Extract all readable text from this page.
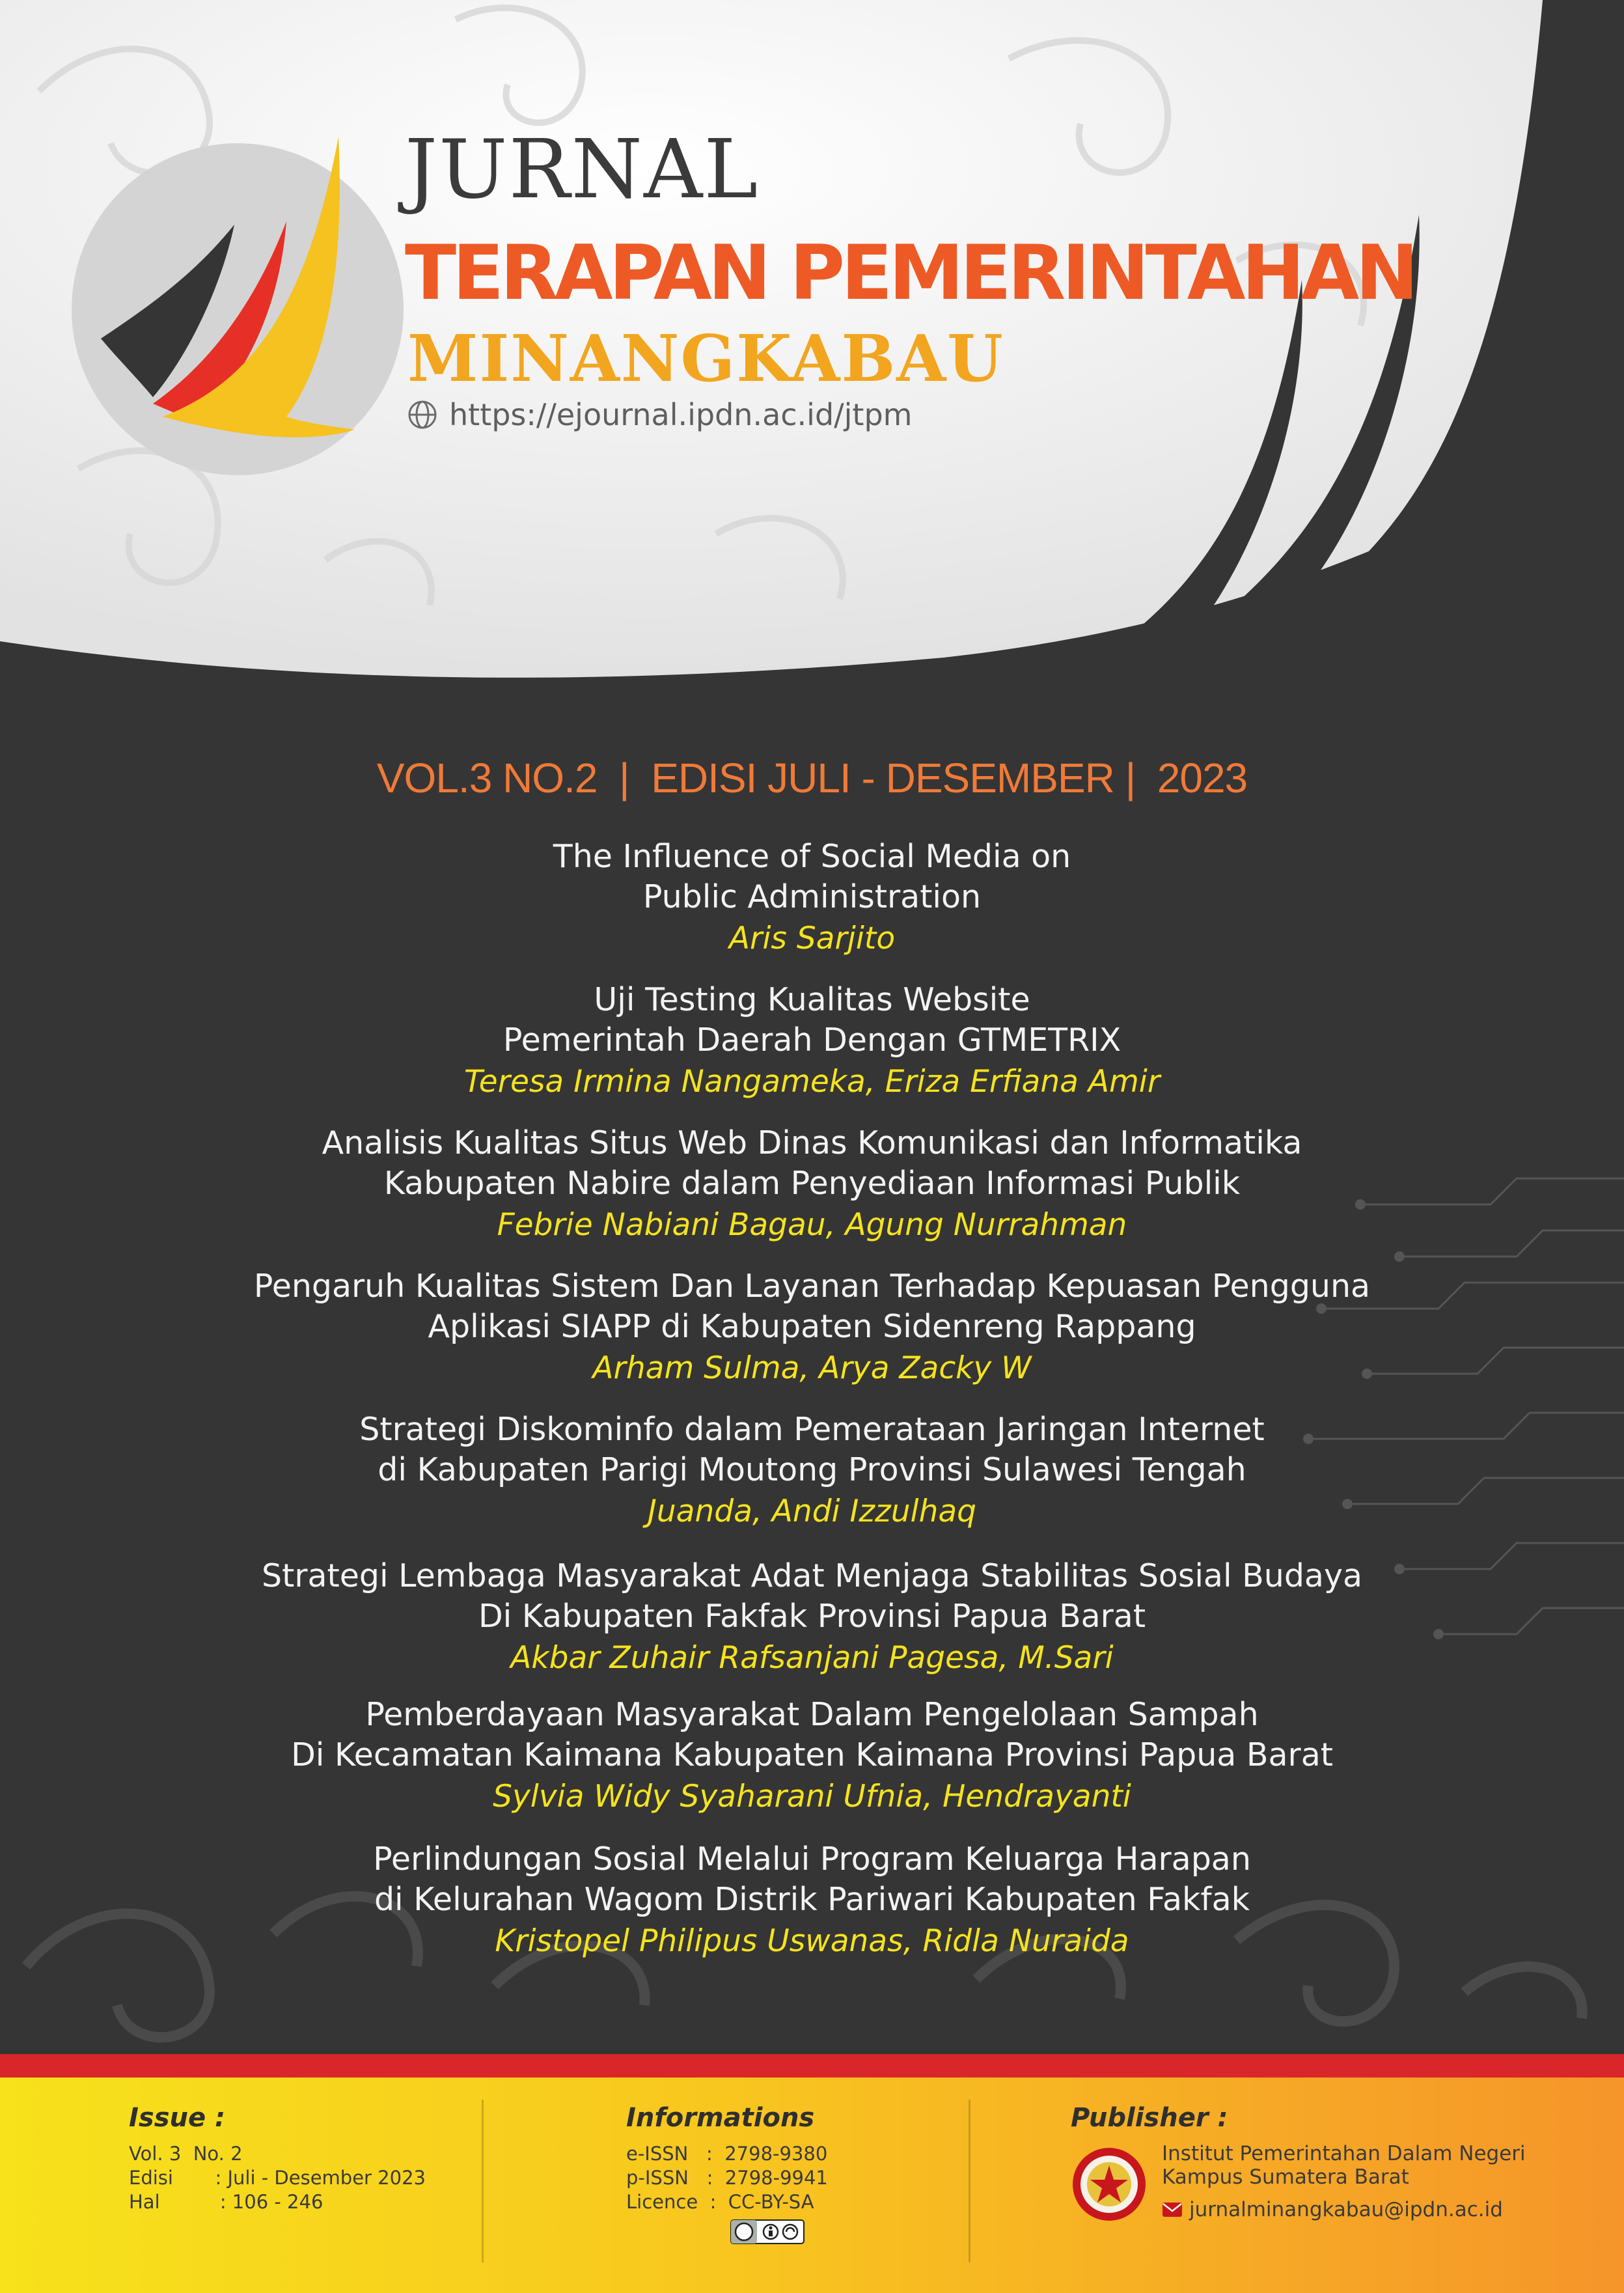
JURNAL

TERAPAN PEMERINTAHAN

MINANGKABAU

https://ejournal.ipdn.ac.id/jtpm
VOL.3 NO.2  |  EDISI JULI - DESEMBER |  2023
The Influence of Social Media on
Public Administration
Aris Sarjito
Uji Testing Kualitas Website
Pemerintah Daerah Dengan GTMETRIX
Teresa Irmina Nangameka, Eriza Erfiana Amir
Analisis Kualitas Situs Web Dinas Komunikasi dan Informatika
Kabupaten Nabire dalam Penyediaan Informasi Publik
Febrie Nabiani Bagau, Agung Nurrahman
Pengaruh Kualitas Sistem Dan Layanan Terhadap Kepuasan Pengguna
Aplikasi SIAPP di Kabupaten Sidenreng Rappang
Arham Sulma, Arya Zacky W
Strategi Diskominfo dalam Pemerataan Jaringan Internet
di Kabupaten Parigi Moutong Provinsi Sulawesi Tengah
Juanda, Andi Izzulhaq
Strategi Lembaga Masyarakat Adat Menjaga Stabilitas Sosial Budaya
Di Kabupaten Fakfak Provinsi Papua Barat
Akbar Zuhair Rafsanjani Pagesa, M.Sari
Pemberdayaan Masyarakat Dalam Pengelolaan Sampah
Di Kecamatan Kaimana Kabupaten Kaimana Provinsi Papua Barat
Sylvia Widy Syaharani Ufnia, Hendrayanti
Perlindungan Sosial Melalui Program Keluarga Harapan
di Kelurahan Wagom Distrik Pariwari Kabupaten Fakfak
Kristopel Philipus Uswanas, Ridla Nuraida

Issue :

Vol. 3  No. 2
Edisi       : Juli - Desember 2023
Hal          : 106 - 246

Informations

e-ISSN   :  2798-9380
p-ISSN   :  2798-9941
Licence  :  CC-BY-SA

Publisher :

Institut Pemerintahan Dalam Negeri
Kampus Sumatera Barat
jurnalminangkabau@ipdn.ac.id
